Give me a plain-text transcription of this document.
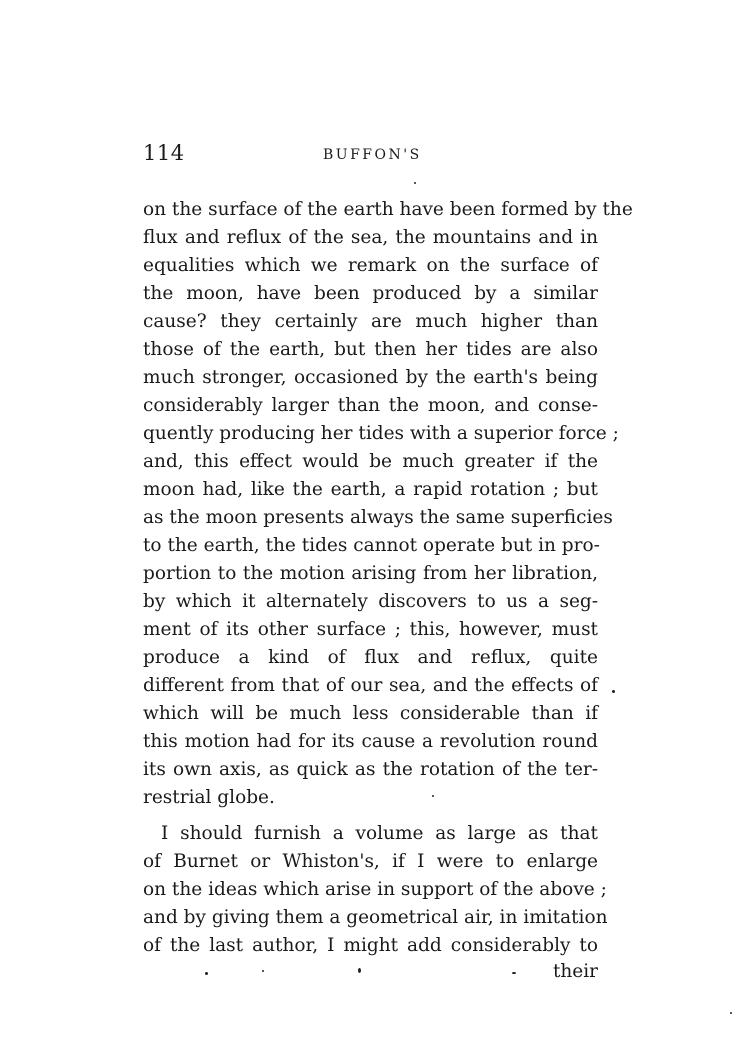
114	BUFFON'S
on the surface of the earth have been formed by the
flux and reflux of the sea, the mountains and in
equalities which we remark on the surface of
the moon, have been produced by a similar
cause? they certainly are much higher than
those of the earth, but then her tides are also
much stronger, occasioned by the earth's being
considerably larger than the moon, and conse-
quently producing her tides with a superior force ;
and, this effect would be much greater if the
moon had, like the earth, a rapid rotation ; but
as the moon presents always the same superficies
to the earth, the tides cannot operate but in pro-
portion to the motion arising from her libration,
by which it alternately discovers to us a seg-
ment of its other surface ; this, however, must
produce a kind of flux and reflux, quite
different from that of our sea, and the effects of
which will be much less considerable than if
this motion had for its cause a revolution round
its own axis, as quick as the rotation of the ter-
restrial globe.
I should furnish a volume as large as that
of Burnet or Whiston's, if I were to enlarge
on the ideas which arise in support of the above ;
and by giving them a geometrical air, in imitation
of the last author, I might add considerably to
their
